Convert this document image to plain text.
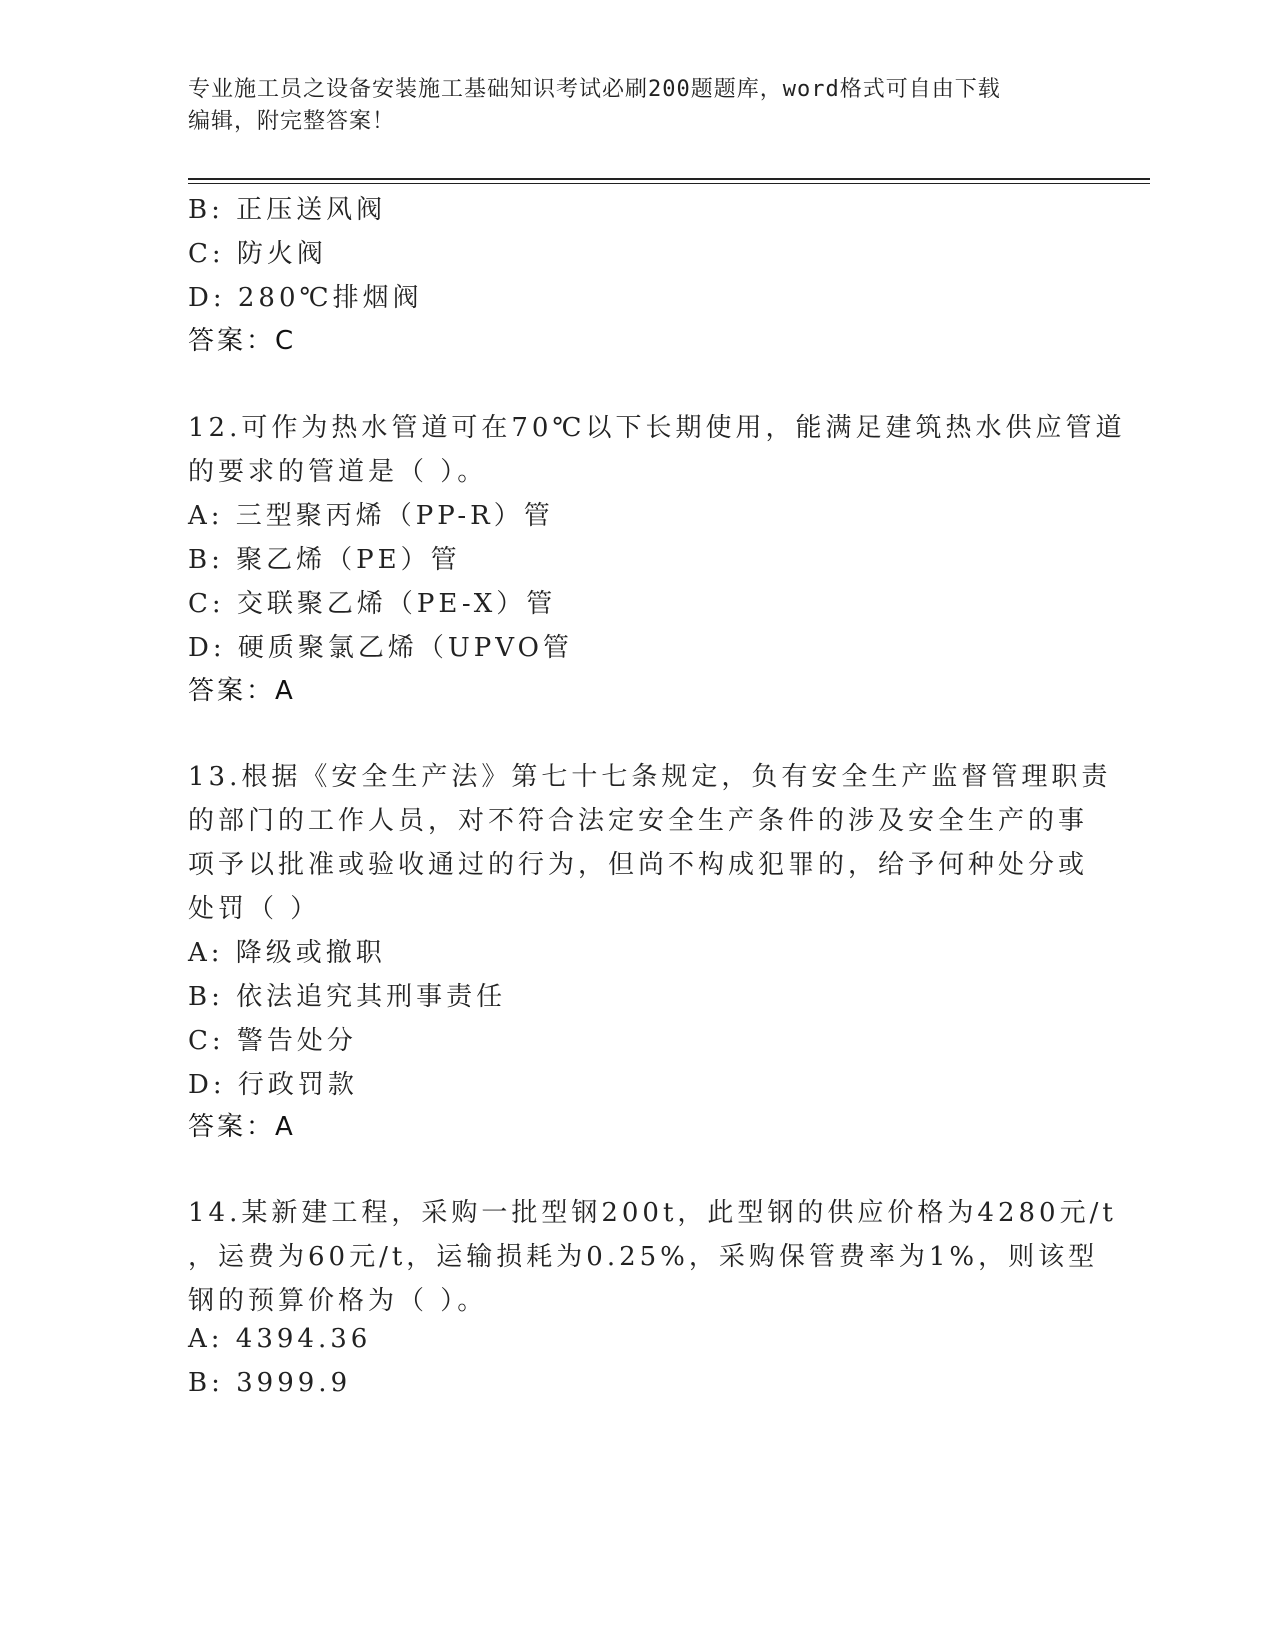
专业施工员之设备安装施工基础知识考试必刷200题题库，word格式可自由下载
编辑，附完整答案！
B: 正压送风阀
C: 防火阀
D: 280℃排烟阀
答案：C
12.可作为热水管道可在70℃以下长期使用，能满足建筑热水供应管道
的要求的管道是（ ）。
A: 三型聚丙烯（PP-R）管
B: 聚乙烯（PE）管
C: 交联聚乙烯（PE-X）管
D: 硬质聚氯乙烯（UPVO管
答案：A
13.根据《安全生产法》第七十七条规定，负有安全生产监督管理职责
的部门的工作人员，对不符合法定安全生产条件的涉及安全生产的事
项予以批准或验收通过的行为，但尚不构成犯罪的，给予何种处分或
处罚（ ）
A: 降级或撤职
B: 依法追究其刑事责任
C: 警告处分
D: 行政罚款
答案：A
14.某新建工程，采购一批型钢200t，此型钢的供应价格为4280元/t
，运费为60元/t，运输损耗为0.25%，采购保管费率为1%，则该型
钢的预算价格为（ ）。
A: 4394.36
B: 3999.9
